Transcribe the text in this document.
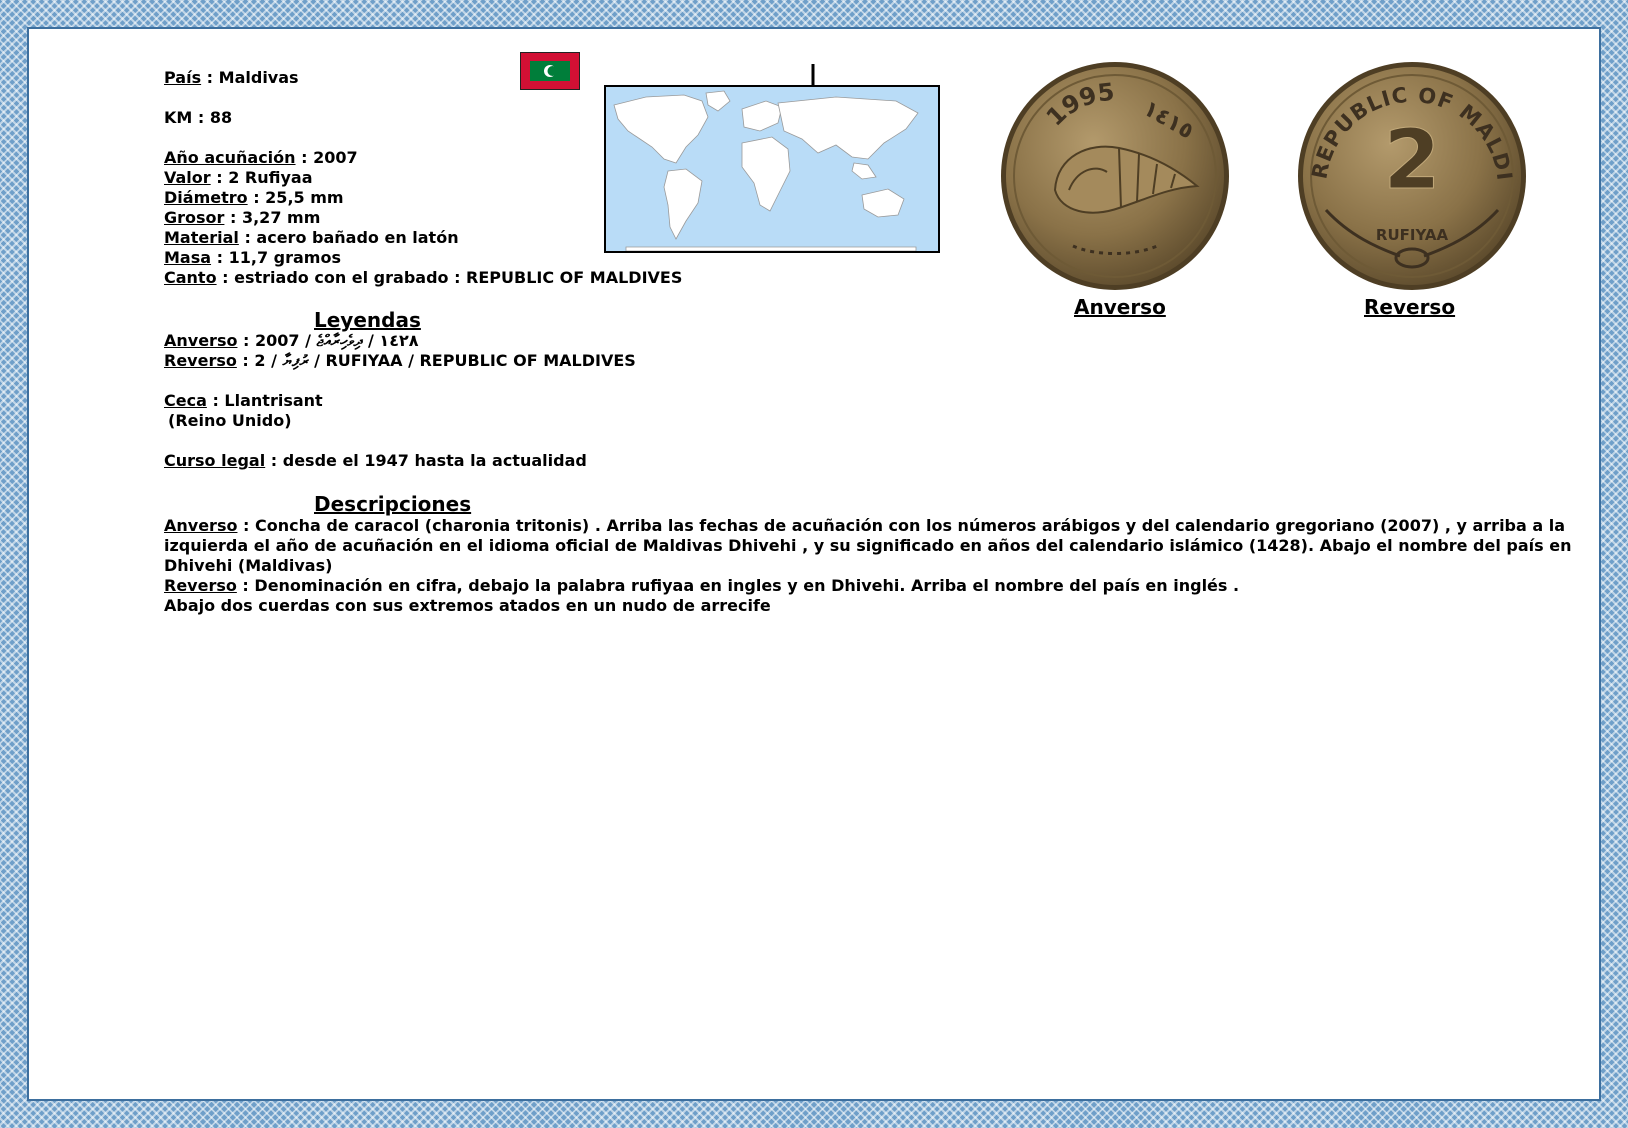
País : Maldivas
KM : 88
Año acuñación : 2007
Valor : 2 Rufiyaa
Diámetro : 25,5 mm
Grosor : 3,27 mm
Material : acero bañado en latón
Masa : 11,7 gramos
Canto : estriado con el grabado : REPUBLIC OF MALDIVES
Leyendas
Anverso : 2007 / ١٤٢٨ / ދިވެހިރާއްޖެ
Reverso : 2 / ރުފިޔާ / RUFIYAA / REPUBLIC OF MALDIVES
Ceca : Llantrisant
(Reino Unido)
Curso legal : desde el 1947 hasta la actualidad
Descripciones
Anverso : Concha de caracol (charonia tritonis) . Arriba las fechas de acuñación con los números arábigos y del calendario gregoriano (2007) , y arriba a la izquierda el año de acuñación en el idioma oficial de Maldivas Dhivehi , y su significado en años del calendario islámico (1428). Abajo el nombre del país en Dhivehi (Maldivas)
Reverso : Denominación en cifra, debajo la palabra rufiyaa en ingles y en Dhivehi. Arriba el nombre del país en inglés .
Abajo dos cuerdas con sus extremos atados en un nudo de arrecife
1995
١٤١٥
Anverso
REPUBLIC OF MALDI
2
RUFIYAA
Reverso
